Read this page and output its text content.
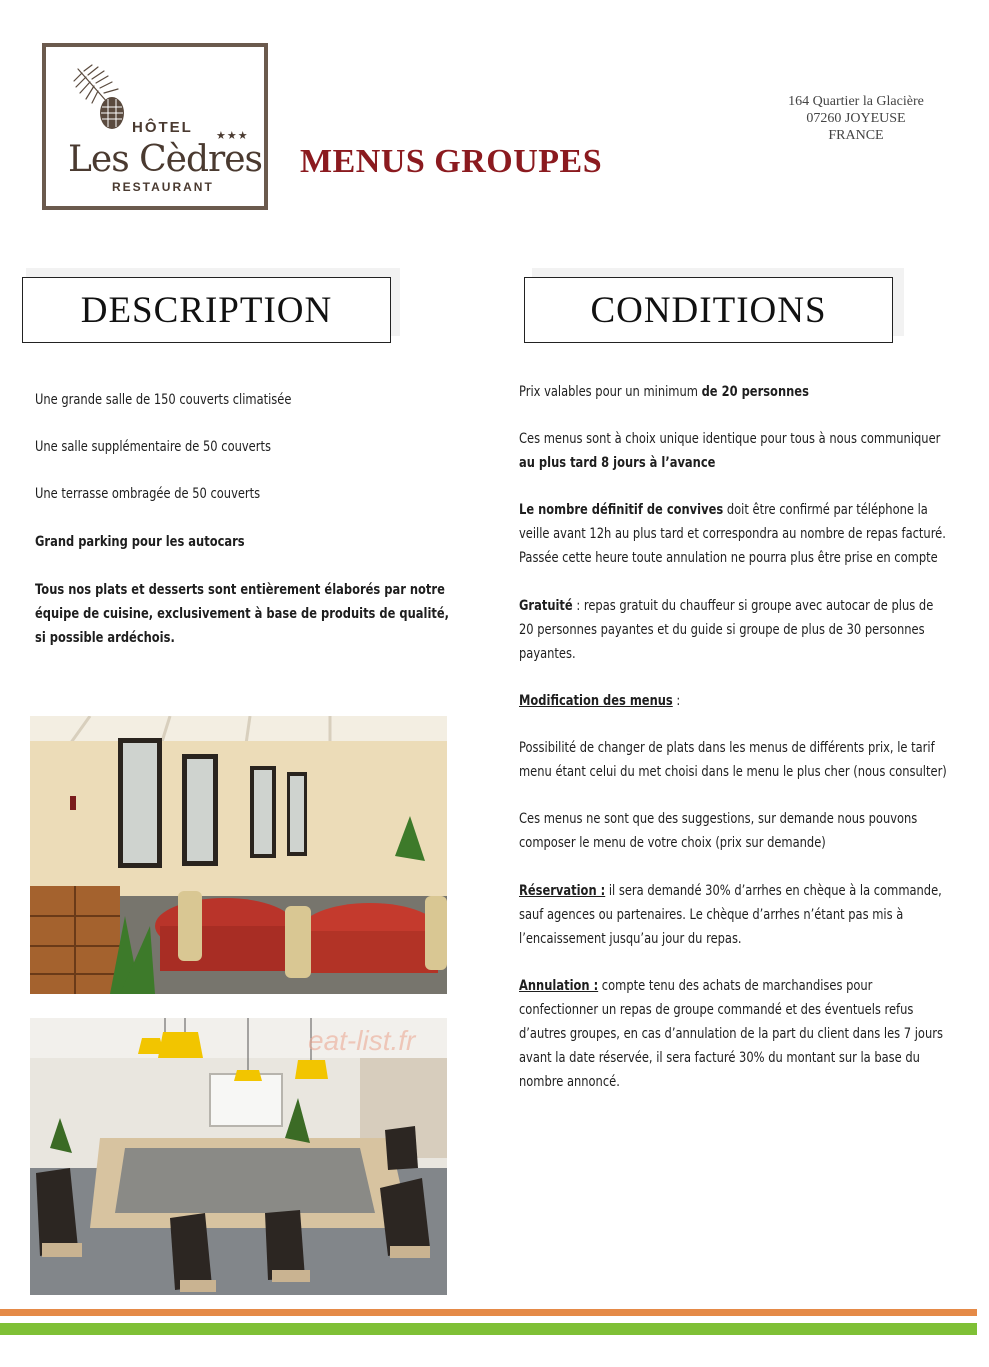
HÔTEL ★★★
Les Cèdres
RESTAURANT
MENUS GROUPES
164 Quartier la Glacière
07260 JOYEUSE
FRANCE
DESCRIPTION	CONDITIONS

Une grande salle de 150 couverts climatisée

Une salle supplémentaire de 50 couverts

Une terrasse ombragée de 50 couverts

Grand parking pour les autocars

Tous nos plats et desserts sont entièrement élaborés par notre équipe de cuisine, exclusivement à base de produits de qualité, si possible ardéchois.

eat-list.fr

Prix valables pour un minimum de 20 personnes

Ces menus sont à choix unique identique pour tous à nous communiquer au plus tard 8 jours à l’avance

Le nombre définitif de convives doit être confirmé par téléphone la veille avant 12h au plus tard et correspondra au nombre de repas facturé. Passée cette heure toute annulation ne pourra plus être prise en compte

Gratuité : repas gratuit du chauffeur si groupe avec autocar de plus de 20 personnes payantes et du guide si groupe de plus de 30 personnes payantes.

Modification des menus :

Possibilité de changer de plats dans les menus de différents prix, le tarif menu étant celui du met choisi dans le menu le plus cher (nous consulter)

Ces menus ne sont que des suggestions, sur demande nous pouvons composer le menu de votre choix (prix sur demande)

Réservation : il sera demandé 30% d’arrhes en chèque à la commande, sauf agences ou partenaires. Le chèque d’arrhes n’étant pas mis à l’encaissement jusqu’au jour du repas.

Annulation : compte tenu des achats de marchandises pour confectionner un repas de groupe commandé et des éventuels refus d’autres groupes, en cas d’annulation de la part du client dans les 7 jours avant la date réservée, il sera facturé 30% du montant sur la base du nombre annoncé.
